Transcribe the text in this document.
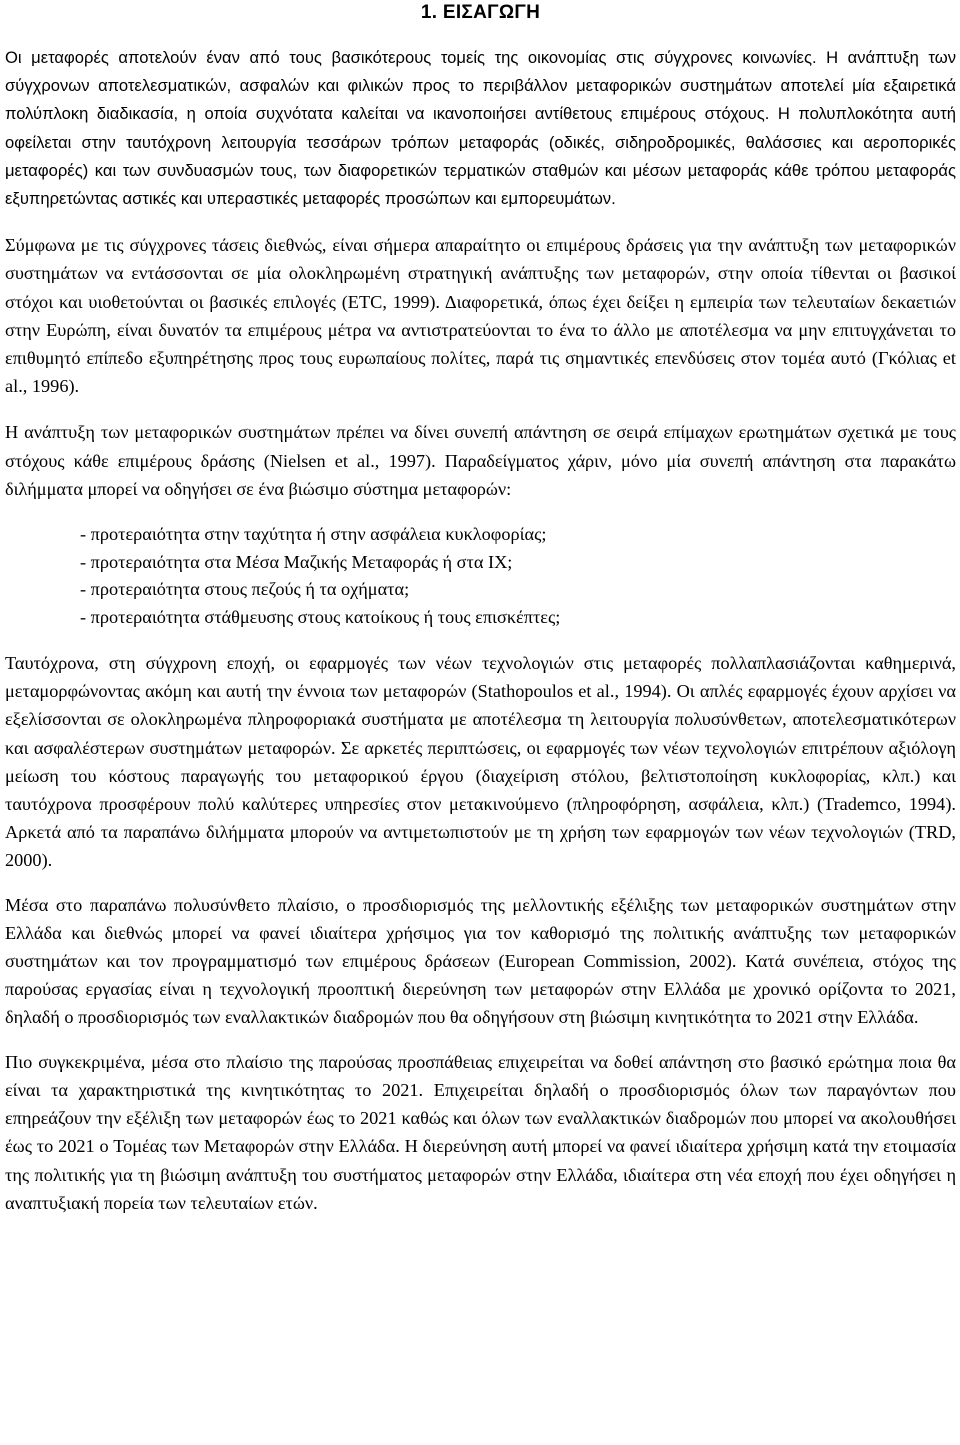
1. ΕΙΣΑΓΩΓΗ

Οι μεταφορές αποτελούν έναν από τους βασικότερους τομείς της οικονομίας στις σύγχρονες κοινωνίες. Η ανάπτυξη των σύγχρονων αποτελεσματικών, ασφαλών και φιλικών προς το περιβάλλον μεταφορικών συστημάτων αποτελεί μία εξαιρετικά πολύπλοκη διαδικασία, η οποία συχνότατα καλείται να ικανοποιήσει αντίθετους επιμέρους στόχους. Η πολυπλοκότητα αυτή οφείλεται στην ταυτόχρονη λειτουργία τεσσάρων τρόπων μεταφοράς (οδικές, σιδηροδρομικές, θαλάσσιες και αεροπορικές μεταφορές) και των συνδυασμών τους, των διαφορετικών τερματικών σταθμών και μέσων μεταφοράς κάθε τρόπου μεταφοράς εξυπηρετώντας αστικές και υπεραστικές μεταφορές προσώπων και εμπορευμάτων.

Σύμφωνα με τις σύγχρονες τάσεις διεθνώς, είναι σήμερα απαραίτητο οι επιμέρους δράσεις για την ανάπτυξη των μεταφορικών συστημάτων να εντάσσονται σε μία ολοκληρωμένη στρατηγική ανάπτυξης των μεταφορών, στην οποία τίθενται οι βασικοί στόχοι και υιοθετούνται οι βασικές επιλογές (ETC, 1999). Διαφορετικά, όπως έχει δείξει η εμπειρία των τελευταίων δεκαετιών στην Ευρώπη, είναι δυνατόν τα επιμέρους μέτρα να αντιστρατεύονται το ένα το άλλο με αποτέλεσμα να μην επιτυγχάνεται το επιθυμητό επίπεδο εξυπηρέτησης προς τους ευρωπαίους πολίτες, παρά τις σημαντικές επενδύσεις στον τομέα αυτό (Γκόλιας et al., 1996).

Η ανάπτυξη των μεταφορικών συστημάτων πρέπει να δίνει συνεπή απάντηση σε σειρά επίμαχων ερωτημάτων σχετικά με τους στόχους κάθε επιμέρους δράσης (Nielsen et al., 1997). Παραδείγματος χάριν, μόνο μία συνεπή απάντηση στα παρακάτω διλήμματα μπορεί να οδηγήσει σε ένα βιώσιμο σύστημα μεταφορών:

- προτεραιότητα στην ταχύτητα ή στην ασφάλεια κυκλοφορίας;
- προτεραιότητα στα Μέσα Μαζικής Μεταφοράς ή στα ΙΧ;
- προτεραιότητα στους πεζούς ή τα οχήματα;
- προτεραιότητα στάθμευσης στους κατοίκους ή τους επισκέπτες;

Ταυτόχρονα, στη σύγχρονη εποχή, οι εφαρμογές των νέων τεχνολογιών στις μεταφορές πολλαπλασιάζονται καθημερινά, μεταμορφώνοντας ακόμη και αυτή την έννοια των μεταφορών (Stathopoulos et al., 1994). Οι απλές εφαρμογές έχουν αρχίσει να εξελίσσονται σε ολοκληρωμένα πληροφοριακά συστήματα με αποτέλεσμα τη λειτουργία πολυσύνθετων, αποτελεσματικότερων και ασφαλέστερων συστημάτων μεταφορών. Σε αρκετές περιπτώσεις, οι εφαρμογές των νέων τεχνολογιών επιτρέπουν αξιόλογη μείωση του κόστους παραγωγής του μεταφορικού έργου (διαχείριση στόλου, βελτιστοποίηση κυκλοφορίας, κλπ.) και ταυτόχρονα προσφέρουν πολύ καλύτερες υπηρεσίες στον μετακινούμενο (πληροφόρηση, ασφάλεια, κλπ.) (Trademco, 1994). Αρκετά από τα παραπάνω διλήμματα μπορούν να αντιμετωπιστούν με τη χρήση των εφαρμογών των νέων τεχνολογιών (TRD, 2000).

Μέσα στο παραπάνω πολυσύνθετο πλαίσιο, ο προσδιορισμός της μελλοντικής εξέλιξης των μεταφορικών συστημάτων στην Ελλάδα και διεθνώς μπορεί να φανεί ιδιαίτερα χρήσιμος για τον καθορισμό της πολιτικής ανάπτυξης των μεταφορικών συστημάτων και τον προγραμματισμό των επιμέρους δράσεων (European Commission, 2002). Κατά συνέπεια, στόχος της παρούσας εργασίας είναι η τεχνολογική προοπτική διερεύνηση των μεταφορών στην Ελλάδα με χρονικό ορίζοντα το 2021, δηλαδή ο προσδιορισμός των εναλλακτικών διαδρομών που θα οδηγήσουν στη βιώσιμη κινητικότητα το 2021 στην Ελλάδα.

Πιο συγκεκριμένα, μέσα στο πλαίσιο της παρούσας προσπάθειας επιχειρείται να δοθεί απάντηση στο βασικό ερώτημα ποια θα είναι τα χαρακτηριστικά της κινητικότητας το 2021. Επιχειρείται δηλαδή ο προσδιορισμός όλων των παραγόντων που επηρεάζουν την εξέλιξη των μεταφορών έως το 2021 καθώς και όλων των εναλλακτικών διαδρομών που μπορεί να ακολουθήσει έως το 2021 ο Τομέας των Μεταφορών στην Ελλάδα. Η διερεύνηση αυτή μπορεί να φανεί ιδιαίτερα χρήσιμη κατά την ετοιμασία της πολιτικής για τη βιώσιμη ανάπτυξη του συστήματος μεταφορών στην Ελλάδα, ιδιαίτερα στη νέα εποχή που έχει οδηγήσει η αναπτυξιακή πορεία των τελευταίων ετών.
